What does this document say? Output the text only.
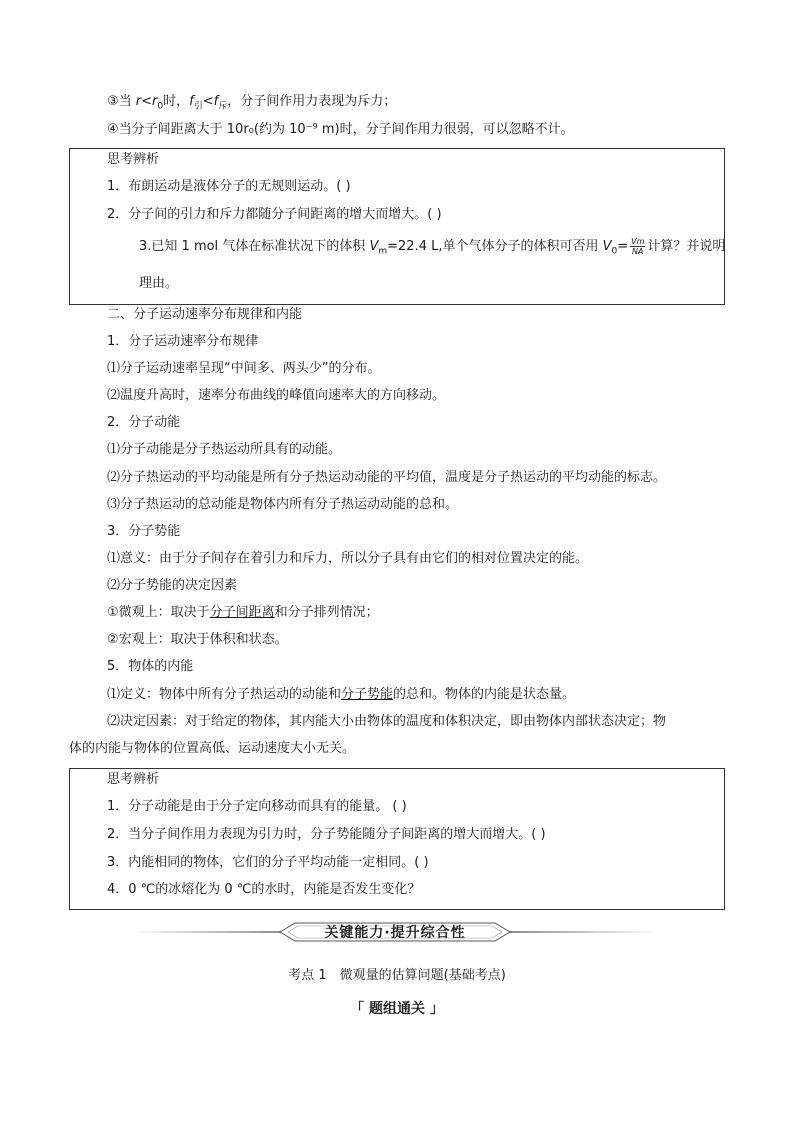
③当 $r<r_0$时，$f_引<f_斥$，分子间作用力表现为斥力；
④当分子间距离大于 10r₀(约为 10⁻⁹ m)时，分子间作用力很弱，可以忽略不计。
思考辨析
1．布朗运动是液体分子的无规则运动。( )
2．分子间的引力和斥力都随分子间距离的增大而增大。( )
3.已知 1 mol 气体在标准状况下的体积 $V_m=22.4$ L,单个气体分子的体积可否用 $V_0= \frac{Vm}{NA}$ 计算？并说明
理由。
二、分子运动速率分布规律和内能
1．分子运动速率分布规律
⑴分子运动速率呈现“中间多、两头少”的分布。
⑵温度升高时，速率分布曲线的峰值向速率大的方向移动。
2．分子动能
⑴分子动能是分子热运动所具有的动能。
⑵分子热运动的平均动能是所有分子热运动动能的平均值，温度是分子热运动的平均动能的标志。
⑶分子热运动的总动能是物体内所有分子热运动动能的总和。
3．分子势能
⑴意义：由于分子间存在着引力和斥力，所以分子具有由它们的相对位置决定的能。
⑵分子势能的决定因素
①微观上：取决于分子间距离和分子排列情况；
②宏观上：取决于体积和状态。
5．物体的内能
⑴定义：物体中所有分子热运动的动能和分子势能的总和。物体的内能是状态量。
⑵决定因素：对于给定的物体，其内能大小由物体的温度和体积决定，即由物体内部状态决定；物
体的内能与物体的位置高低、运动速度大小无关。
思考辨析
1．分子动能是由于分子定向移动而具有的能量。 ( )
2．当分子间作用力表现为引力时，分子势能随分子间距离的增大而增大。( )
3．内能相同的物体，它们的分子平均动能一定相同。( )
4．0 ℃的冰熔化为 0 ℃的水时，内能是否发生变化？
关键能力·提升综合性
考点 1　微观量的估算问题(基础考点)
「 题组通关 」
